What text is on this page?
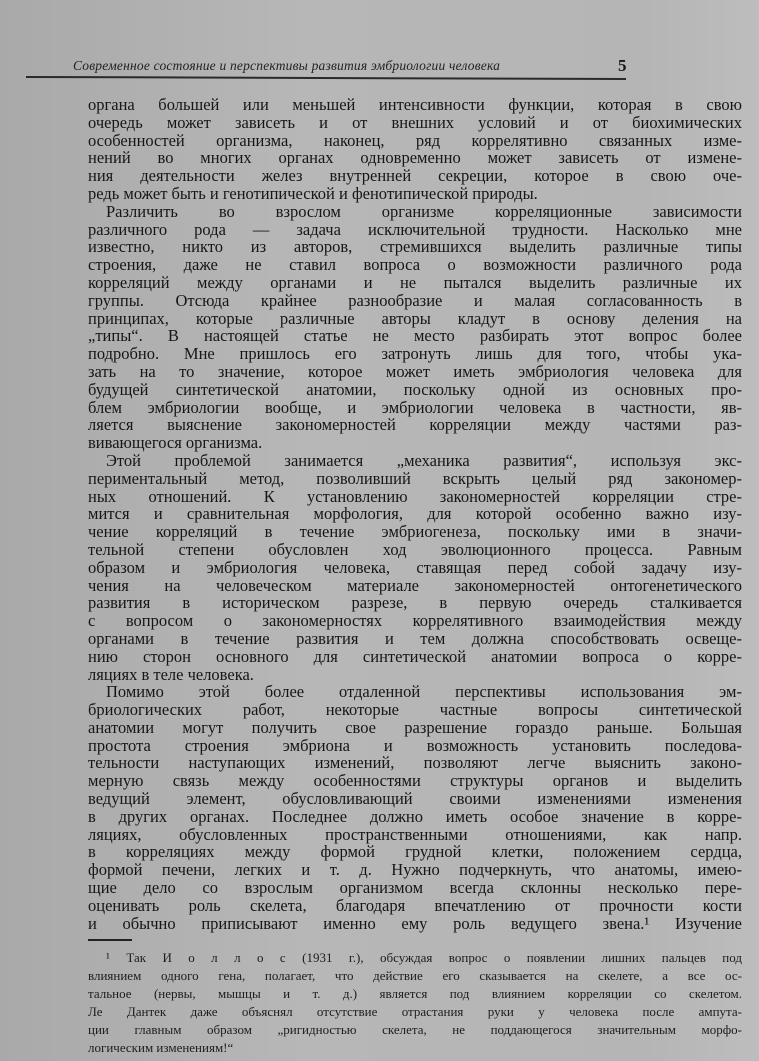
Современное состояние и перспективы развития эмбриологии человека	5
органа большей или меньшей интенсивности функции, которая в свою
очередь может зависеть и от внешних условий и от биохимических
особенностей организма, наконец, ряд коррелятивно связанных изме-
нений во многих органах одновременно может зависеть от измене-
ния деятельности желез внутренней секреции, которое в свою оче-
редь может быть и генотипической и фенотипической природы.
Различить во взрослом организме корреляционные зависимости
различного рода — задача исключительной трудности. Насколько мне
известно, никто из авторов, стремившихся выделить различные типы
строения, даже не ставил вопроса о возможности различного рода
корреляций между органами и не пытался выделить различные их
группы. Отсюда крайнее разнообразие и малая согласованность в
принципах, которые различные авторы кладут в основу деления на
„типы“. В настоящей статье не место разбирать этот вопрос более
подробно. Мне пришлось его затронуть лишь для того, чтобы ука-
зать на то значение, которое может иметь эмбриология человека для
будущей синтетической анатомии, поскольку одной из основных про-
блем эмбриологии вообще, и эмбриологии человека в частности, яв-
ляется выяснение закономерностей корреляции между частями раз-
вивающегося организма.
Этой проблемой занимается „механика развития“, используя экс-
периментальный метод, позволивший вскрыть целый ряд закономер-
ных отношений. К установлению закономерностей корреляции стре-
мится и сравнительная морфология, для которой особенно важно изу-
чение корреляций в течение эмбриогенеза, поскольку ими в значи-
тельной степени обусловлен ход эволюционного процесса. Равным
образом и эмбриология человека, ставящая перед собой задачу изу-
чения на человеческом материале закономерностей онтогенетического
развития в историческом разрезе, в первую очередь сталкивается
с вопросом о закономерностях коррелятивного взаимодействия между
органами в течение развития и тем должна способствовать освеще-
нию сторон основного для синтетической анатомии вопроса о корре-
ляциях в теле человека.
Помимо этой более отдаленной перспективы использования эм-
бриологических работ, некоторые частные вопросы синтетической
анатомии могут получить свое разрешение гораздо раньше. Большая
простота строения эмбриона и возможность установить последова-
тельности наступающих изменений, позволяют легче выяснить законо-
мерную связь между особенностями структуры органов и выделить
ведущий элемент, обусловливающий своими изменениями изменения
в других органах. Последнее должно иметь особое значение в корре-
ляциях, обусловленных пространственными отношениями, как напр.
в корреляциях между формой грудной клетки, положением сердца,
формой печени, легких и т. д. Нужно подчеркнуть, что анатомы, имею-
щие дело со взрослым организмом всегда склонны несколько пере-
оценивать роль скелета, благодаря впечатлению от прочности кости
и обычно приписывают именно ему роль ведущего звена.¹ Изучение
¹ Так И о л л о с (1931 г.), обсуждая вопрос о появлении лишних пальцев под
влиянием одного гена, полагает, что действие его сказывается на скелете, а все ос-
тальное (нервы, мышцы и т. д.) является под влиянием корреляции со скелетом.
Ле Дантек даже объяснял отсутствие отрастания руки у человека после ампута-
ции главным образом „ригидностью скелета, не поддающегося значительным морфо-
логическим изменениям!“
